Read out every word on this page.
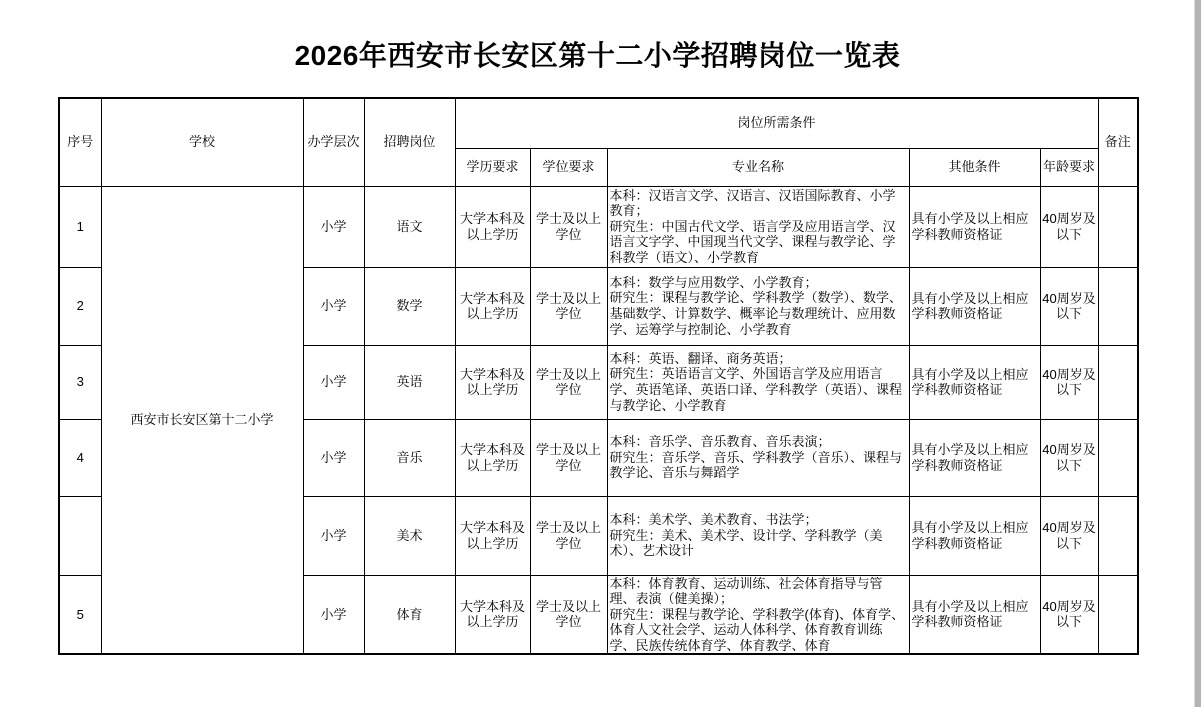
2026年西安市长安区第十二小学招聘岗位一览表
序号	学校	办学层次	招聘岗位	岗位所需条件					备注
				学历要求	学位要求	专业名称	其他条件	年龄要求	
1	西安市长安区第十二小学	小学	语文	大学本科及以上学历	学士及以上学位	本科：汉语言文学、汉语言、汉语国际教育、小学教育；
研究生：中国古代文学、语言学及应用语言学、汉语言文字学、中国现当代文学、课程与教学论、学科教学（语文）、小学教育	具有小学及以上相应学科教师资格证	40周岁及以下	
2		小学	数学	大学本科及以上学历	学士及以上学位	本科：数学与应用数学、小学教育；
研究生：课程与教学论、学科教学（数学）、数学、基础数学、计算数学、概率论与数理统计、应用数学、运筹学与控制论、小学教育	具有小学及以上相应学科教师资格证	40周岁及以下	
3		小学	英语	大学本科及以上学历	学士及以上学位	本科：英语、翻译、商务英语；
研究生：英语语言文学、外国语言学及应用语言学、英语笔译、英语口译、学科教学（英语）、课程与教学论、小学教育	具有小学及以上相应学科教师资格证	40周岁及以下	
4		小学	音乐	大学本科及以上学历	学士及以上学位	本科：音乐学、音乐教育、音乐表演；
研究生：音乐学、音乐、学科教学（音乐）、课程与教学论、音乐与舞蹈学	具有小学及以上相应学科教师资格证	40周岁及以下	
		小学	美术	大学本科及以上学历	学士及以上学位	本科：美术学、美术教育、书法学；
研究生：美术、美术学、设计学、学科教学（美术）、艺术设计	具有小学及以上相应学科教师资格证	40周岁及以下	
5		小学	体育	大学本科及以上学历	学士及以上学位	本科：体育教育、运动训练、社会体育指导与管理、表演（健美操）；
研究生：课程与教学论、学科教学(体育)、体育学、体育人文社会学、运动人体科学、体育教育训练学、民族传统体育学、体育教学、体育	具有小学及以上相应学科教师资格证	40周岁及以下	
